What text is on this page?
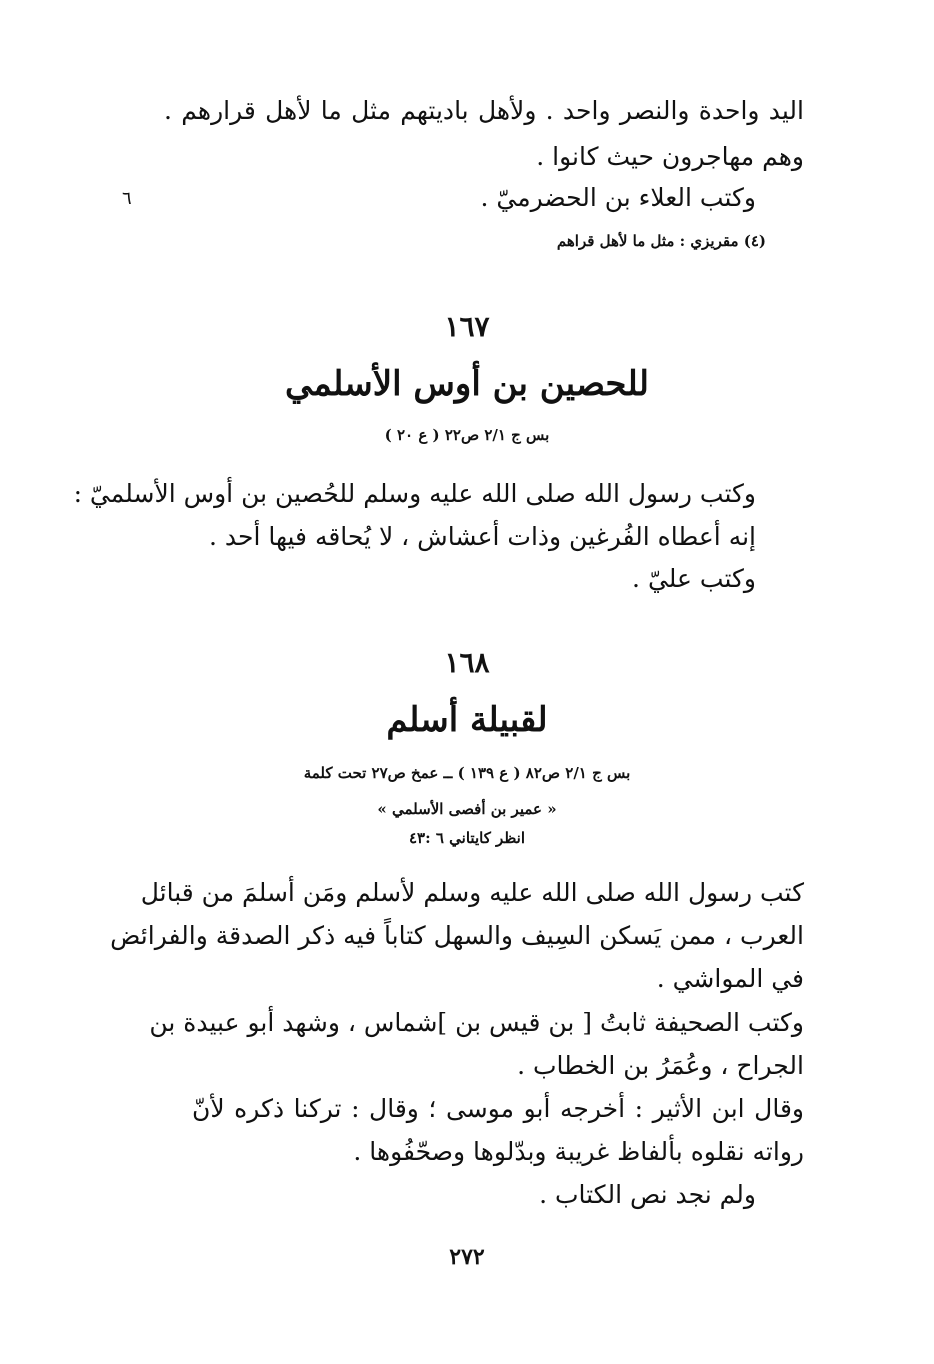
اليد واحدة والنصر واحد . ولأهل باديتهم مثل ما لأهل قرارهم .
وهم مهاجرون حيث كانوا .
وكتب العلاء بن الحضرميّ .
٦
(٤) مقريزي : مثل ما لأهل قراهم
١٦٧
للحصين بن أوس الأسلمي
بس ج ٢/١ ص٢٢ ( ع ٢٠ )
وكتب رسول الله صلى الله عليه وسلم للحُصين بن أوس الأسلميّ :
إنه أعطاه الفُرغين وذات أعشاش ، لا يُحاقه فيها أحد .
وكتب عليّ .
١٦٨
لقبيلة أسلم
بس ج ٢/١ ص٨٢ ( ع ١٣٩ ) ــ عمخ ص٢٧ تحت كلمة
« عمير بن أفصى الأسلمي »
انظر كايتاني ٦ :٤٣
كتب رسول الله صلى الله عليه وسلم لأسلم ومَن أسلمَ من قبائل
العرب ، ممن يَسكن السِيف والسهل كتاباً فيه ذكر الصدقة والفرائض
في المواشي .
وكتب الصحيفة ثابتُ [ بن قيس بن ]شماس ، وشهد أبو عبيدة بن
الجراح ، وعُمَرُ بن الخطاب .
وقال ابن الأثير : أخرجه أبو موسى ؛ وقال : تركنا ذكره لأنّ
رواته نقلوه بألفاظ غريبة وبدّلوها وصحّفُوها .
ولم نجد نص الكتاب .
٢٧٢
